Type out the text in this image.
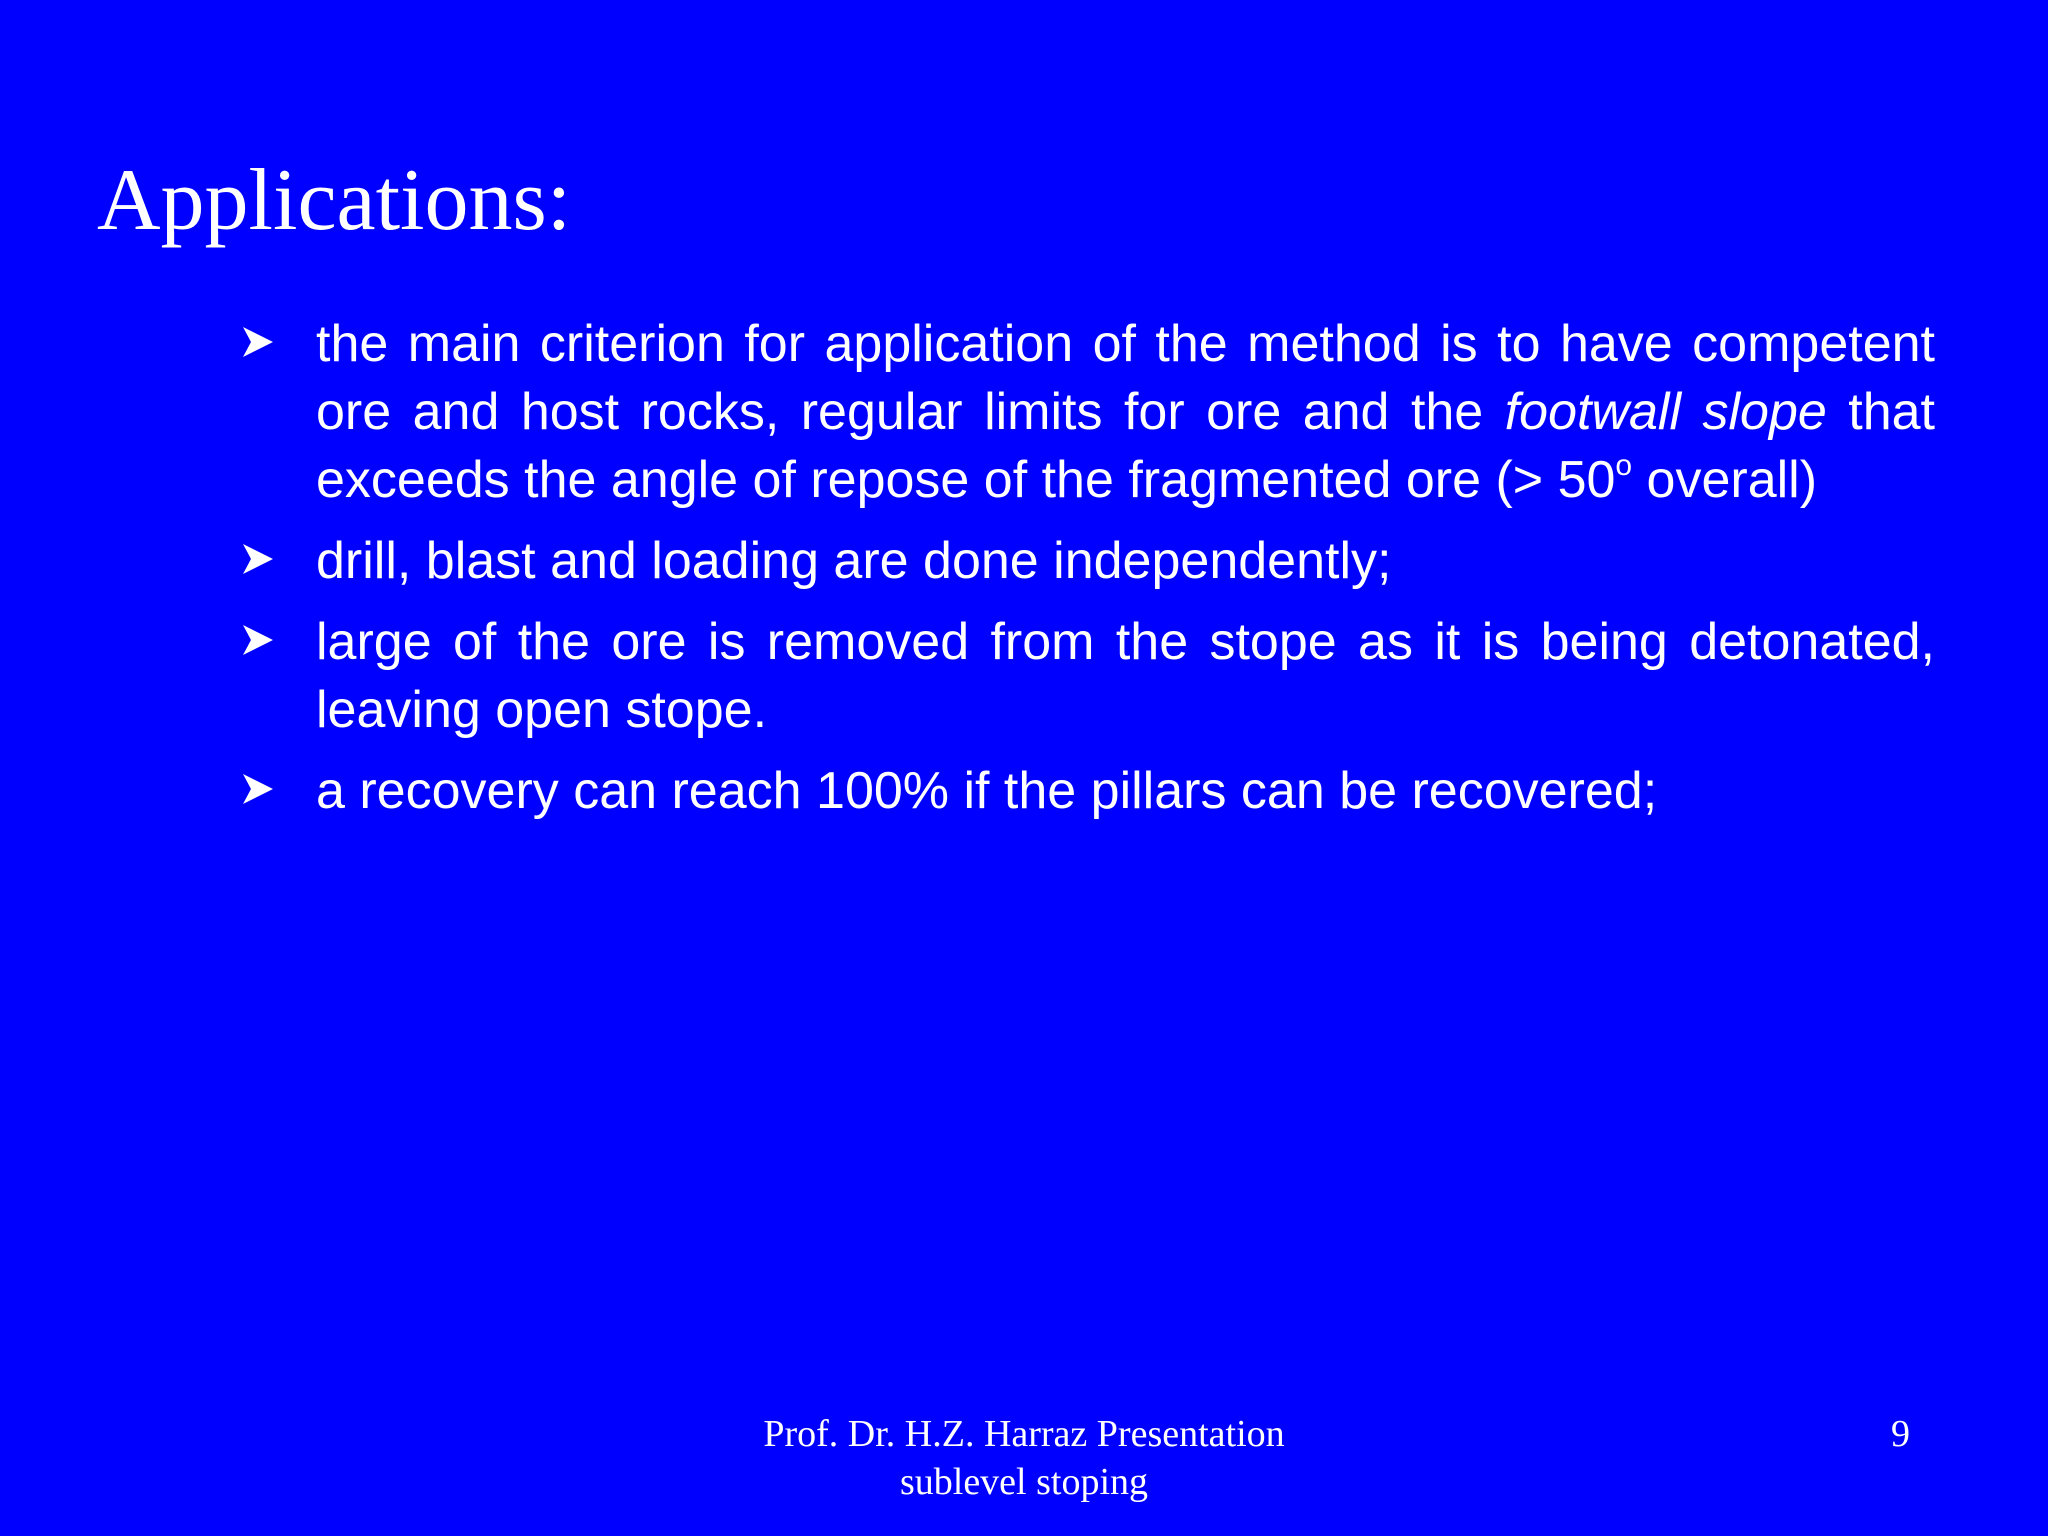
Applications:
the main criterion for application of the method is to have competent ore and host rocks, regular limits for ore and the footwall slope that exceeds the angle of repose of the fragmented ore (> $50^o$ overall)
drill, blast and loading are done independently;
large of the ore is removed from the stope as it is being detonated, leaving open stope.
a recovery can reach 100% if the pillars can be recovered;
Prof. Dr. H.Z. Harraz Presentation
sublevel stoping
9
